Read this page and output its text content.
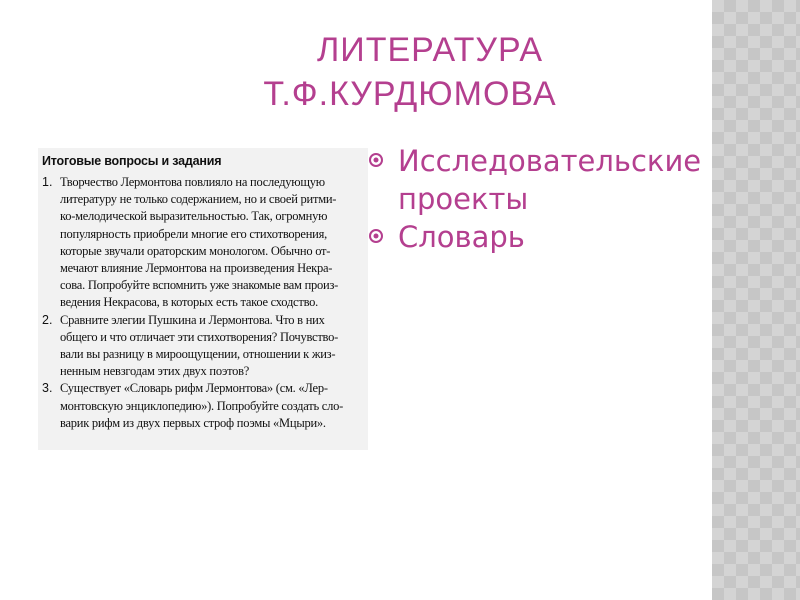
ЛИТЕРАТУРА
Т.Ф.КУРДЮМОВА
Итоговые вопросы и задания
1. Творчество Лермонтова повлияло на последующую
литературу не только содержанием, но и своей ритми-
ко-мелодической выразительностью. Так, огромную
популярность приобрели многие его стихотворения,
которые звучали ораторским монологом. Обычно от-
мечают влияние Лермонтова на произведения Некра-
сова. Попробуйте вспомнить уже знакомые вам произ-
ведения Некрасова, в которых есть такое сходство.
2. Сравните элегии Пушкина и Лермонтова. Что в них
общего и что отличает эти стихотворения? Почувство-
вали вы разницу в мироощущении, отношении к жиз-
ненным невзгодам этих двух поэтов?
3. Существует «Словарь рифм Лермонтова» (см. «Лер-
монтовскую энциклопедию»). Попробуйте создать сло-
варик рифм из двух первых строф поэмы «Мцыри».
Исследовательские проекты
Словарь
